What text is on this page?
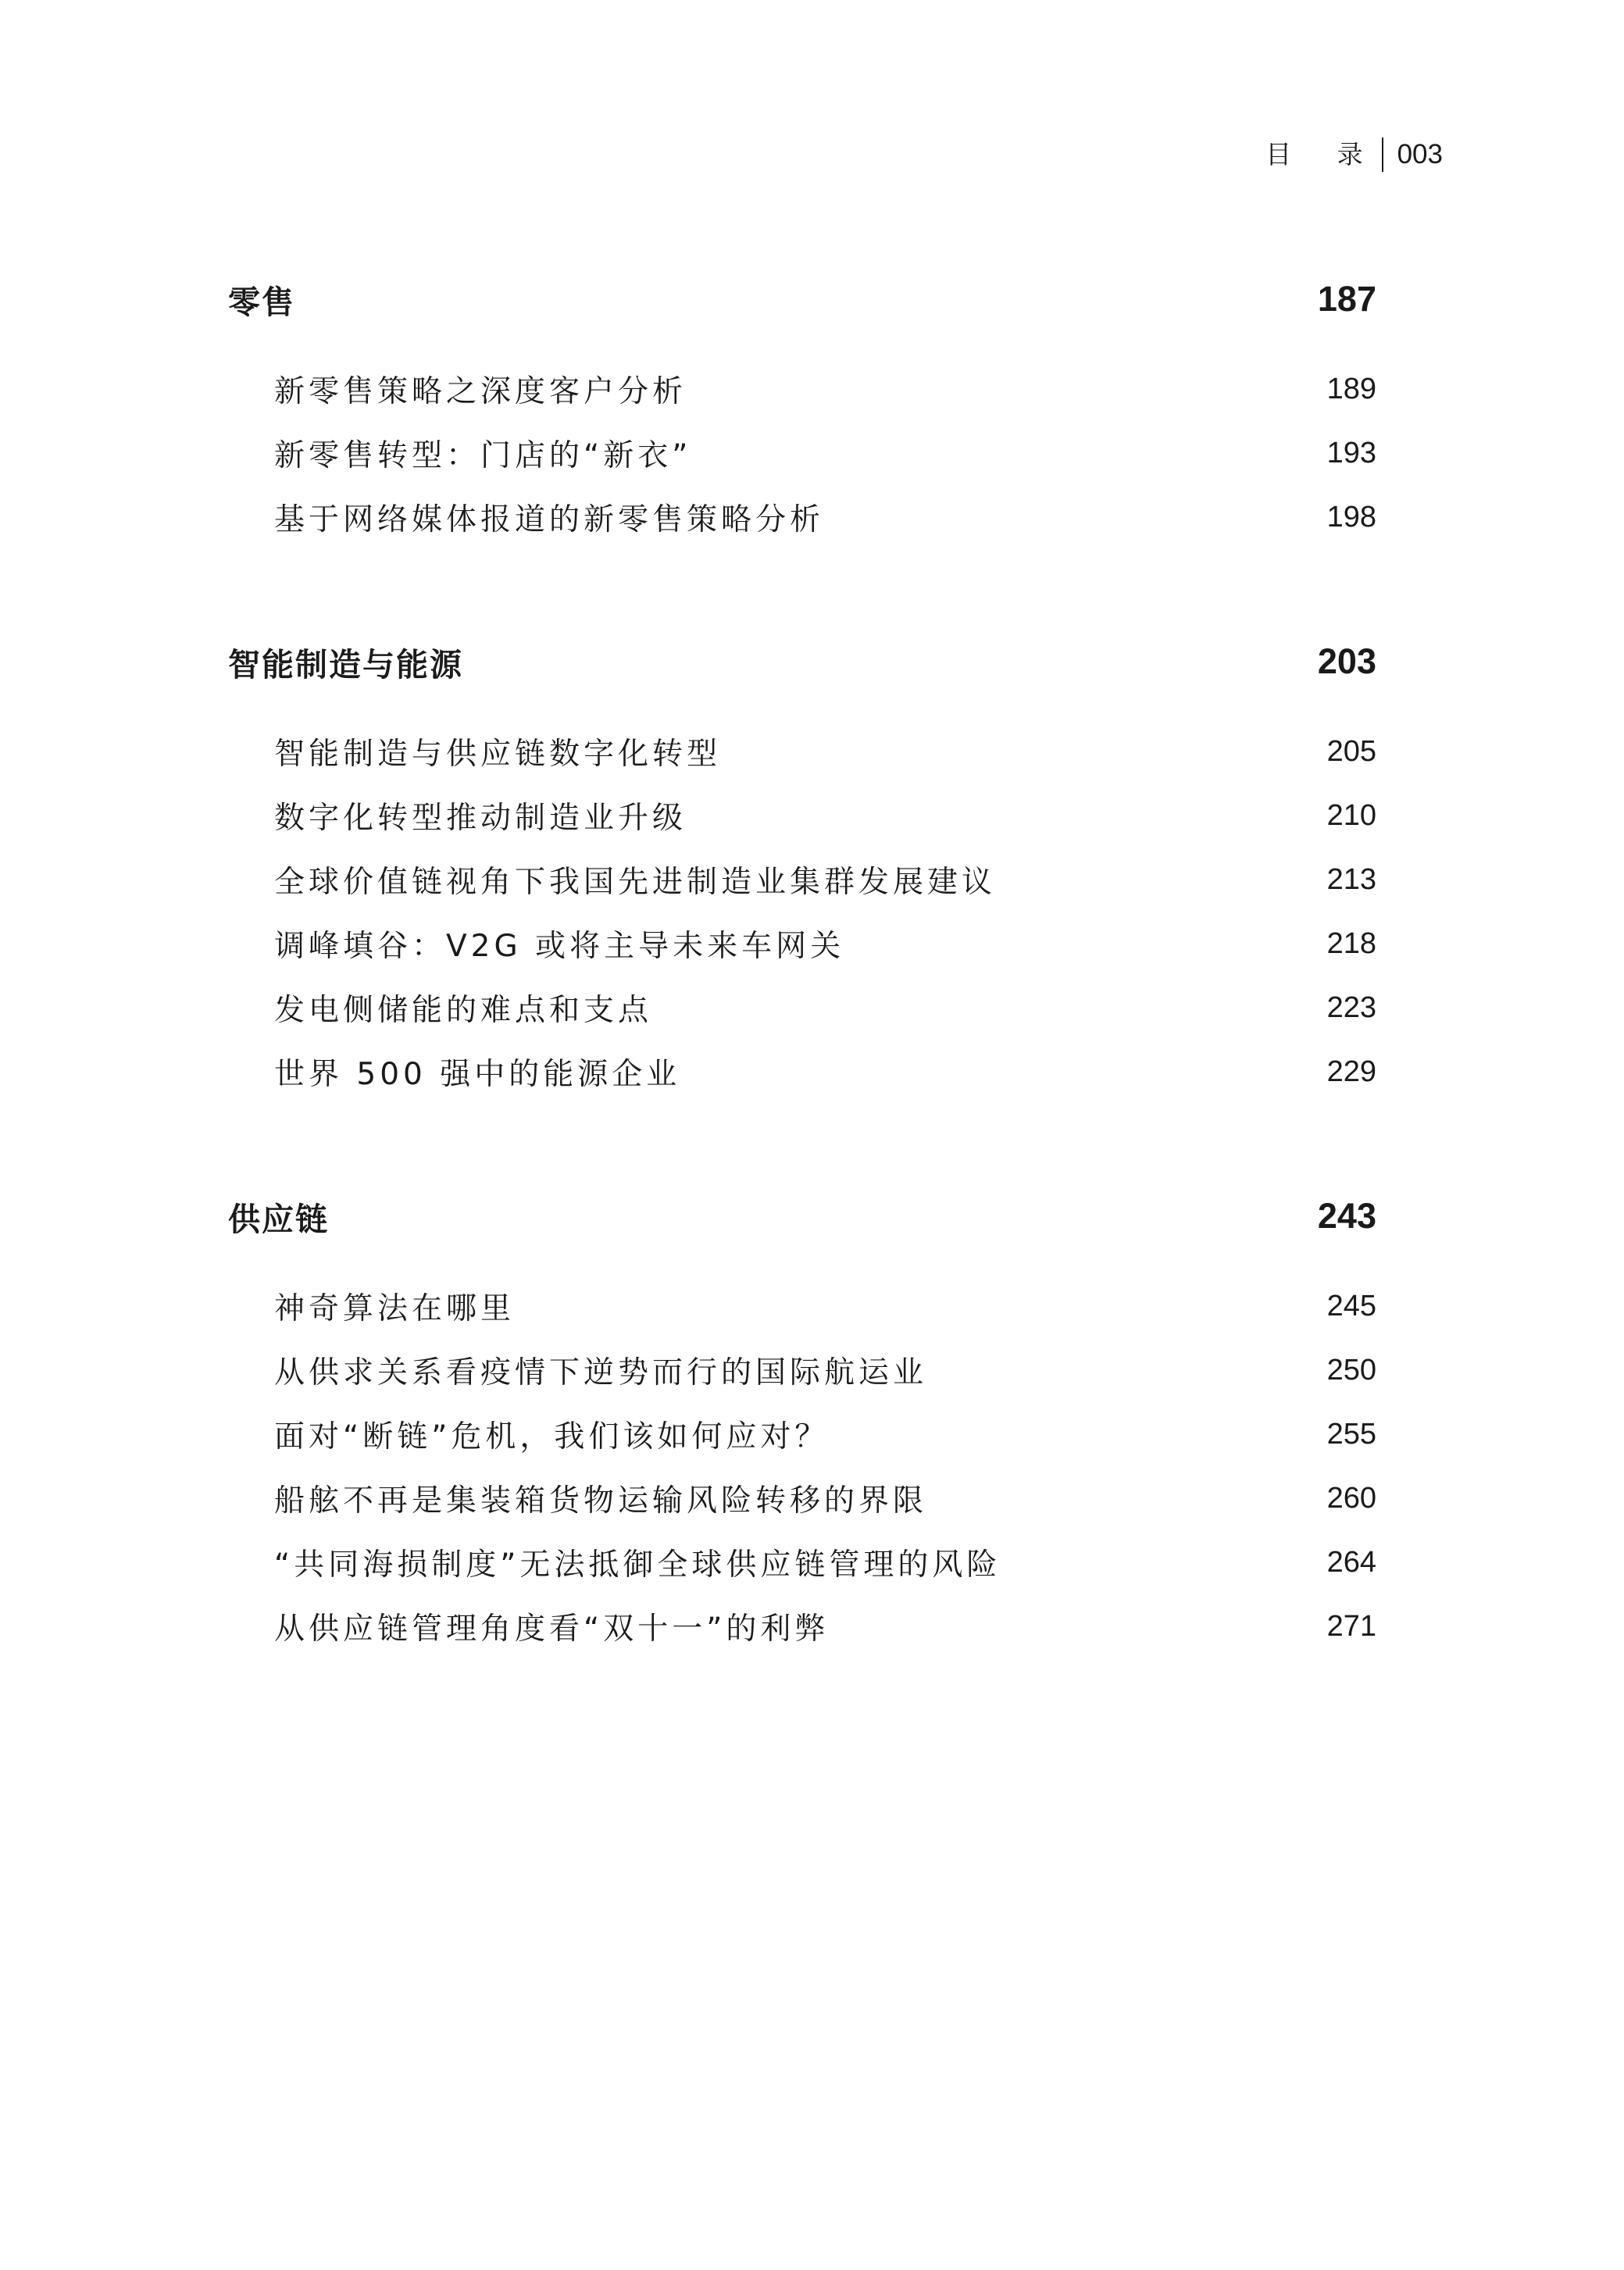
目 录 003
零售	187
新零售策略之深度客户分析	189
新零售转型：门店的“新衣”	193
基于网络媒体报道的新零售策略分析	198
智能制造与能源	203
智能制造与供应链数字化转型	205
数字化转型推动制造业升级	210
全球价值链视角下我国先进制造业集群发展建议	213
调峰填谷：V2G 或将主导未来车网关	218
发电侧储能的难点和支点	223
世界 500 强中的能源企业	229
供应链	243
神奇算法在哪里	245
从供求关系看疫情下逆势而行的国际航运业	250
面对“断链”危机，我们该如何应对？	255
船舷不再是集装箱货物运输风险转移的界限	260
“共同海损制度”无法抵御全球供应链管理的风险	264
从供应链管理角度看“双十一”的利弊	271
